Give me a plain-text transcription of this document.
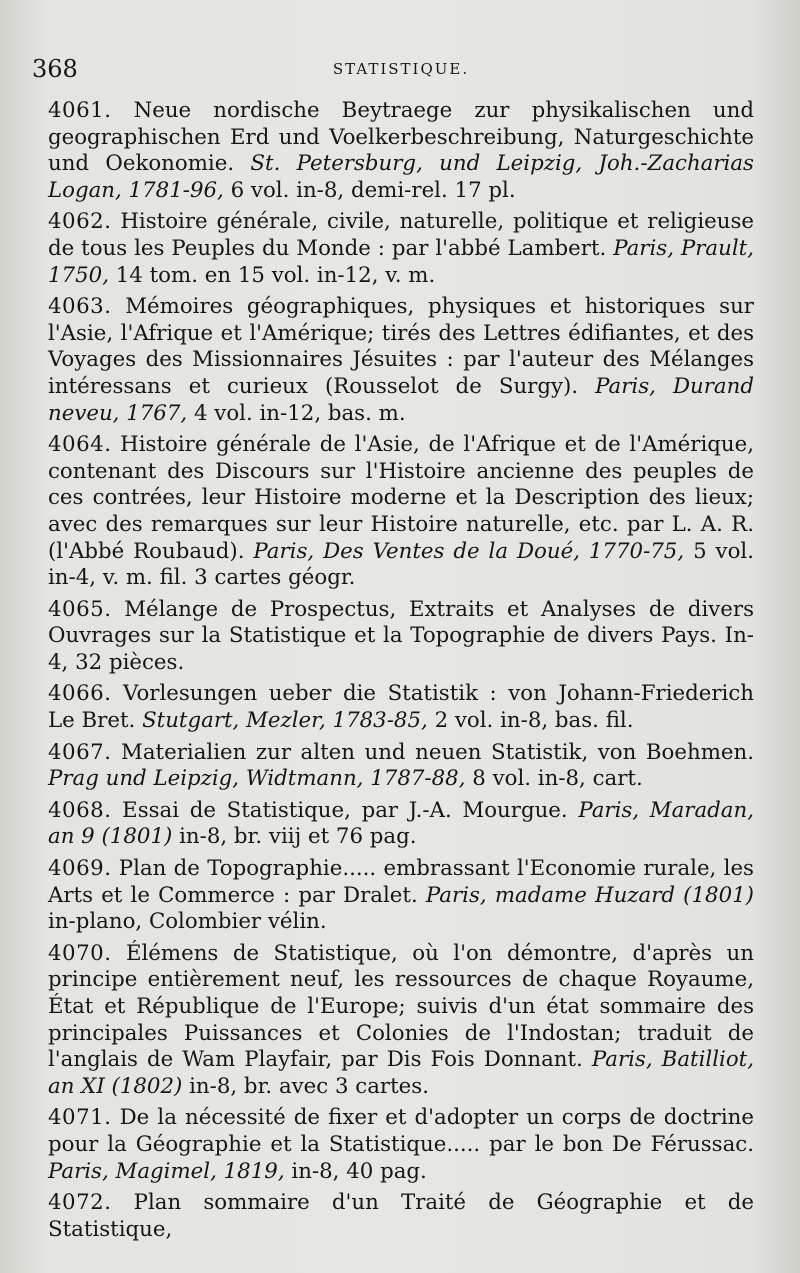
368	STATISTIQUE.
4061. Neue nordische Beytraege zur physikalischen und geographischen Erd und Voelkerbeschreibung, Naturgeschichte und Oekonomie. St. Petersburg, und Leipzig, Joh.-Zacharias Logan, 1781-96, 6 vol. in-8, demi-rel. 17 pl.
4062. Histoire générale, civile, naturelle, politique et religieuse de tous les Peuples du Monde : par l'abbé Lambert. Paris, Prault, 1750, 14 tom. en 15 vol. in-12, v. m.
4063. Mémoires géographiques, physiques et historiques sur l'Asie, l'Afrique et l'Amérique; tirés des Lettres édifiantes, et des Voyages des Missionnaires Jésuites : par l'auteur des Mélanges intéressans et curieux (Rousselot de Surgy). Paris, Durand neveu, 1767, 4 vol. in-12, bas. m.
4064. Histoire générale de l'Asie, de l'Afrique et de l'Amérique, contenant des Discours sur l'Histoire ancienne des peuples de ces contrées, leur Histoire moderne et la Description des lieux; avec des remarques sur leur Histoire naturelle, etc. par L. A. R. (l'Abbé Roubaud). Paris, Des Ventes de la Doué, 1770-75, 5 vol. in-4, v. m. fil. 3 cartes géogr.
4065. Mélange de Prospectus, Extraits et Analyses de divers Ouvrages sur la Statistique et la Topographie de divers Pays. In-4, 32 pièces.
4066. Vorlesungen ueber die Statistik : von Johann-Friederich Le Bret. Stutgart, Mezler, 1783-85, 2 vol. in-8, bas. fil.
4067. Materialien zur alten und neuen Statistik, von Boehmen. Prag und Leipzig, Widtmann, 1787-88, 8 vol. in-8, cart.
4068. Essai de Statistique, par J.-A. Mourgue. Paris, Maradan, an 9 (1801) in-8, br. viij et 76 pag.
4069. Plan de Topographie..... embrassant l'Economie rurale, les Arts et le Commerce : par Dralet. Paris, madame Huzard (1801) in-plano, Colombier vélin.
4070. Élémens de Statistique, où l'on démontre, d'après un principe entièrement neuf, les ressources de chaque Royaume, État et République de l'Europe; suivis d'un état sommaire des principales Puissances et Colonies de l'Indostan; traduit de l'anglais de Wam Playfair, par Dis Fois Donnant. Paris, Batilliot, an XI (1802) in-8, br. avec 3 cartes.
4071. De la nécessité de fixer et d'adopter un corps de doctrine pour la Géographie et la Statistique..... par le bon De Férussac. Paris, Magimel, 1819, in-8, 40 pag.
4072. Plan sommaire d'un Traité de Géographie et de Statistique,
